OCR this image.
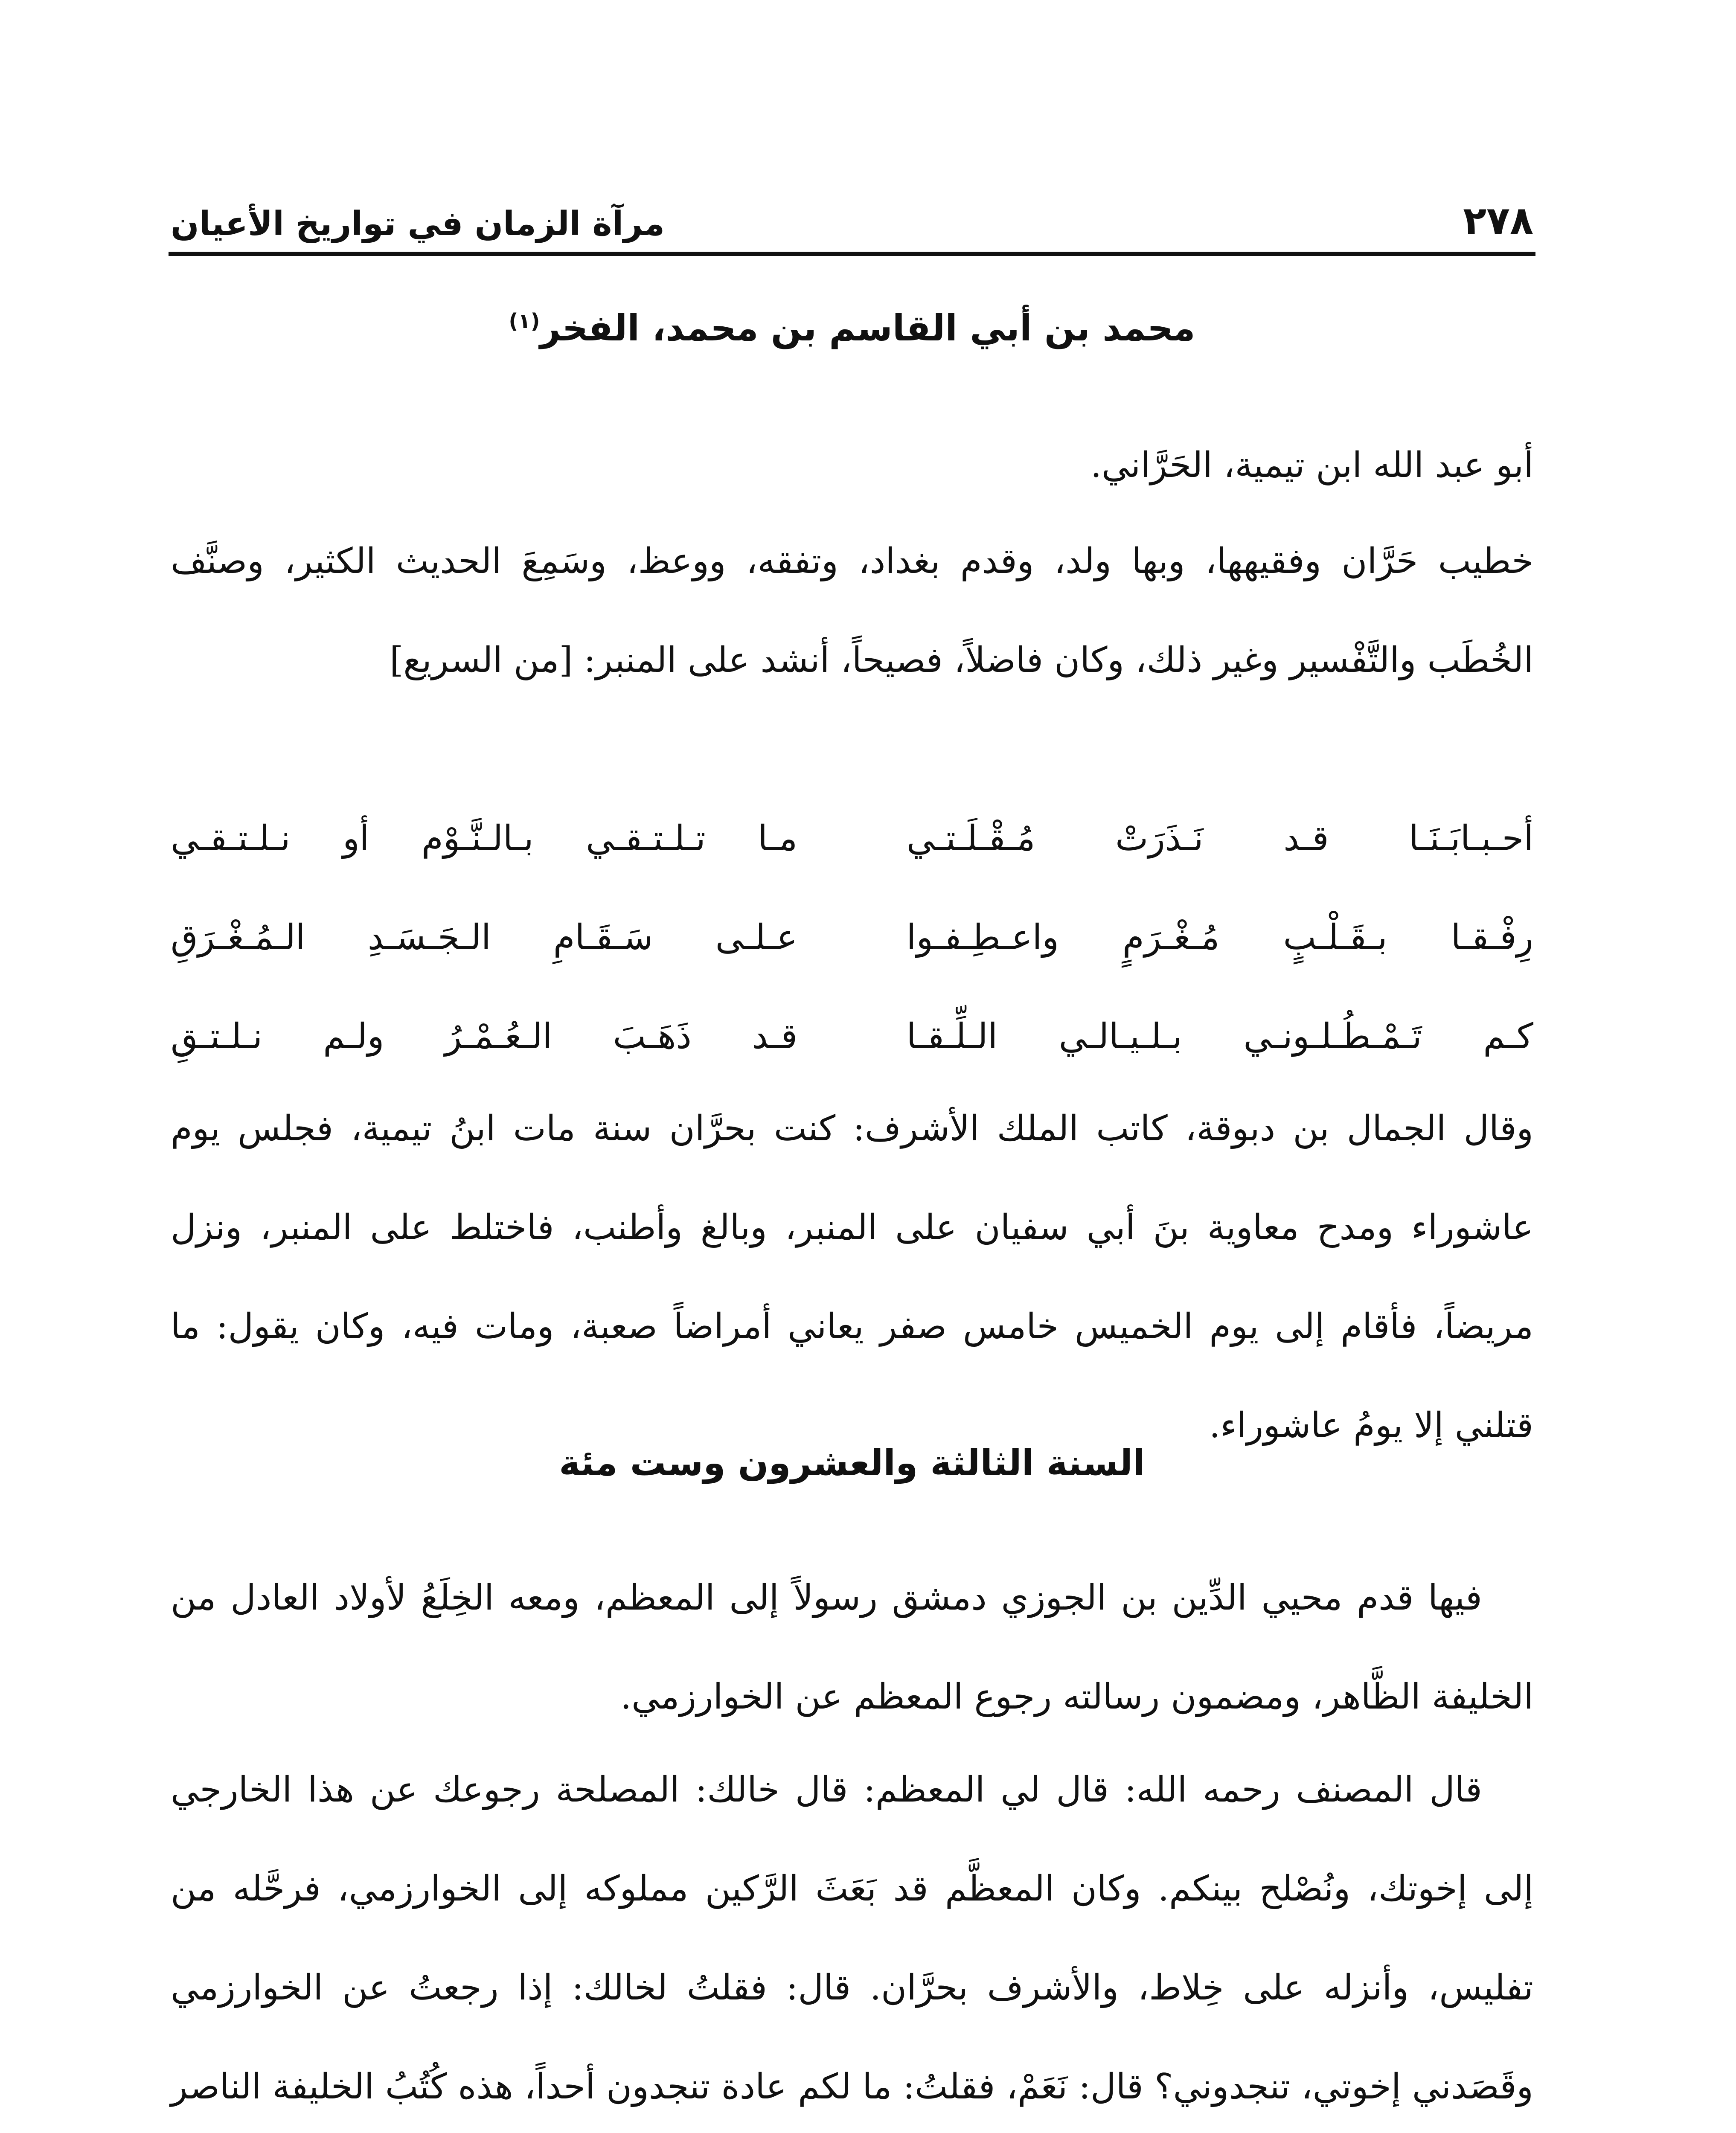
٢٧٨
مرآة الزمان في تواريخ الأعيان
محمد بن أبي القاسم بن محمد، الفخر$^{(١)}$
أبو عبد الله ابن تيمية، الحَرَّاني.
خطيب حَرَّان وفقيهها، وبها ولد، وقدم بغداد، وتفقه، ووعظ، وسَمِعَ الحديث الكثير، وصنَّف الخُطَب والتَّفْسير وغير ذلك، وكان فاضلاً، فصيحاً، أنشد على المنبر: [من السريع]
أحـبـابَـنَـا قـد نَـذَرَتْ مُـقْـلَـتـي
مـا تـلـتـقـي بـالـنَّـوْم أو نـلـتـقـي
رِفْـقـا بـقَـلْـبٍ مُـغْـرَمٍ واعـطِـفـوا
عـلـى سَـقَـامِ الـجَـسَـدِ الـمُـغْـرَقِ
كـم تَـمْـطُـلـونـي بـلـيـالـي الـلِّـقـا
قـد ذَهَـبَ الـعُـمْـرُ ولـم نـلـتـقِ
وقال الجمال بن دبوقة، كاتب الملك الأشرف: كنت بحرَّان سنة مات ابنُ تيمية، فجلس يوم عاشوراء ومدح معاوية بنَ أبي سفيان على المنبر، وبالغ وأطنب، فاختلط على المنبر، ونزل مريضاً، فأقام إلى يوم الخميس خامس صفر يعاني أمراضاً صعبة، ومات فيه، وكان يقول: ما قتلني إلا يومُ عاشوراء.
السنة الثالثة والعشرون وست مئة
فيها قدم محيي الدِّين بن الجوزي دمشق رسولاً إلى المعظم، ومعه الخِلَعُ لأولاد العادل من الخليفة الظَّاهر، ومضمون رسالته رجوع المعظم عن الخوارزمي.
قال المصنف رحمه الله: قال لي المعظم: قال خالك: المصلحة رجوعك عن هذا الخارجي إلى إخوتك، ونُصْلح بينكم. وكان المعظَّم قد بَعَثَ الرَّكين مملوكه إلى الخوارزمي، فرحَّله من تفليس، وأنزله على خِلاط، والأشرف بحرَّان. قال: فقلتُ لخالك: إذا رجعتُ عن الخوارزمي وقَصَدني إخوتي، تنجدوني؟ قال: نَعَمْ، فقلتُ: ما لكم عادة تنجدون أحداً، هذه كُتُبُ الخليفة الناصر
